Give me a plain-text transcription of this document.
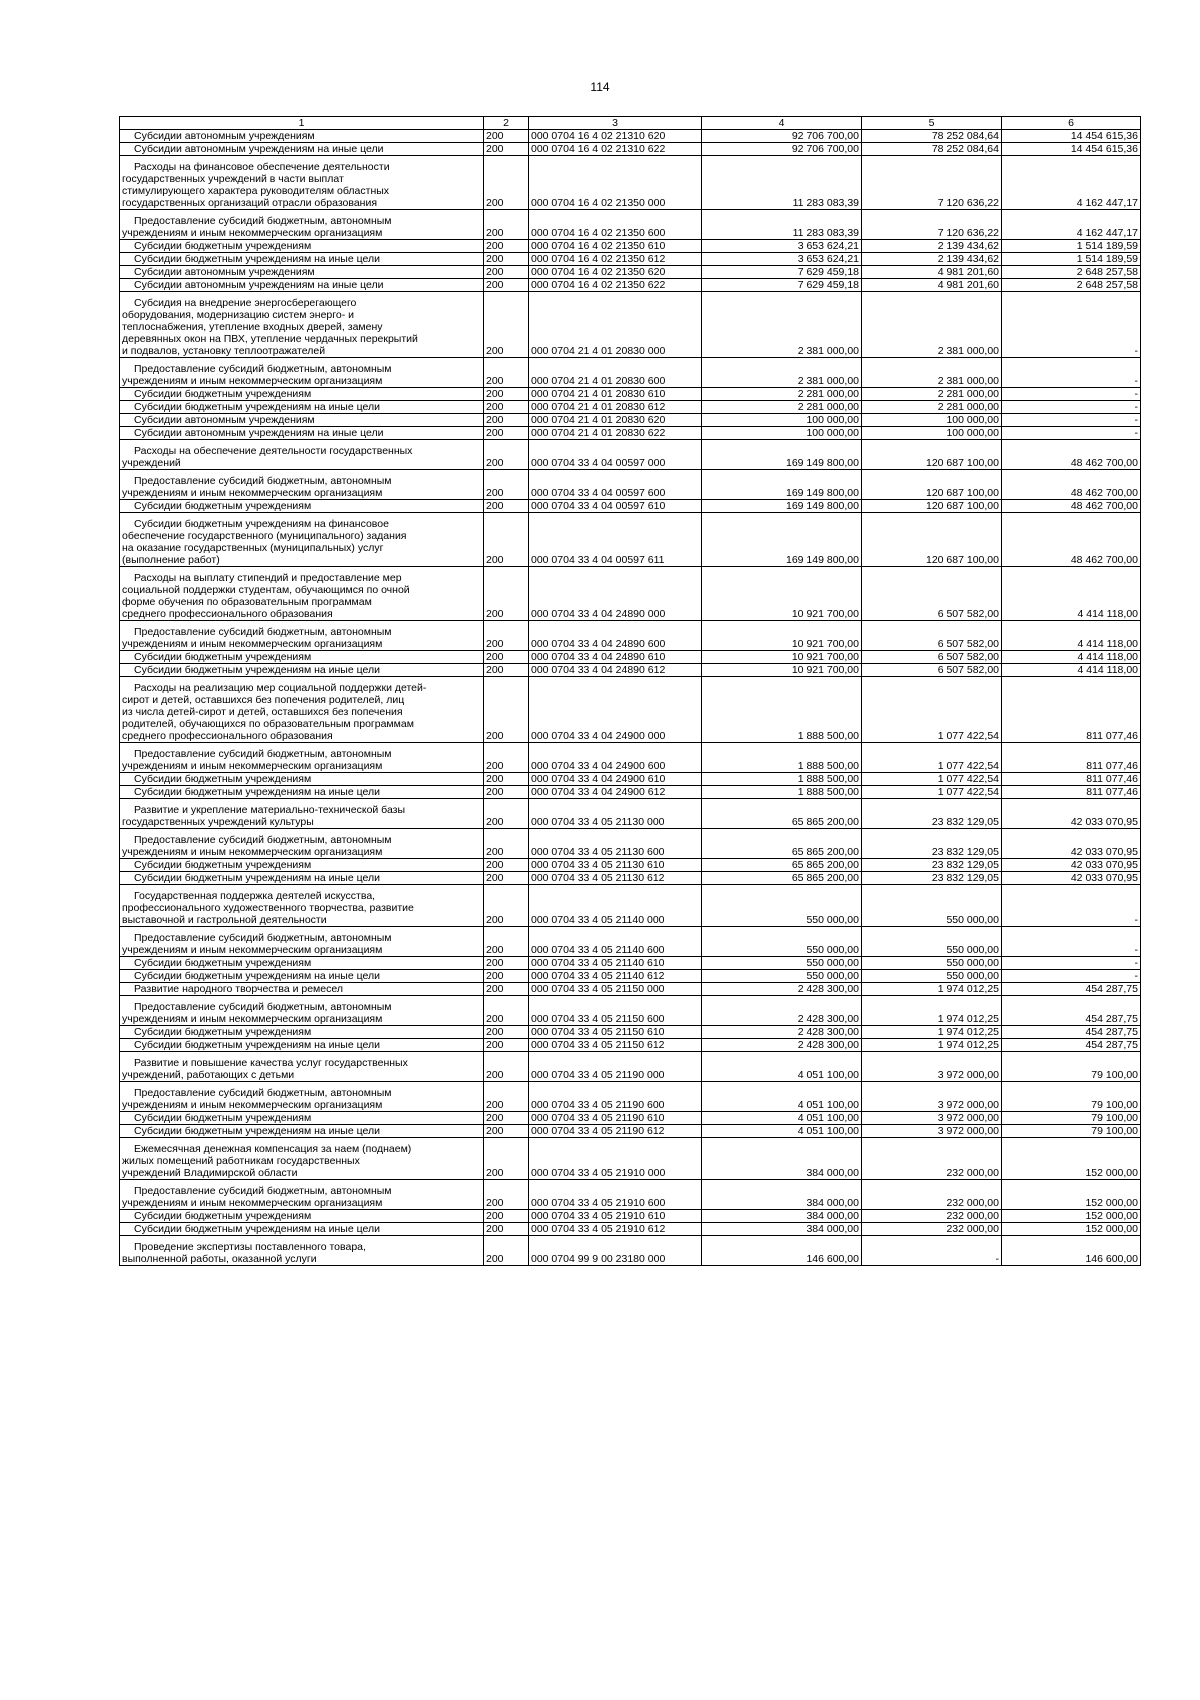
114
1	2	3	4	5	6

Субсидии автономным учреждениям	200	000 0704 16 4 02 21310 620	92 706 700,00	78 252 084,64	14 454 615,36

Субсидии автономным учреждениям на иные цели	200	000 0704 16 4 02 21310 622	92 706 700,00	78 252 084,64	14 454 615,36

Расходы на финансовое обеспечение деятельности
государственных учреждений в части выплат
стимулирующего характера руководителям областных
государственных организаций отрасли образования	200	000 0704 16 4 02 21350 000	11 283 083,39	7 120 636,22	4 162 447,17

Предоставление субсидий бюджетным, автономным
учреждениям и иным некоммерческим организациям	200	000 0704 16 4 02 21350 600	11 283 083,39	7 120 636,22	4 162 447,17

Субсидии бюджетным учреждениям	200	000 0704 16 4 02 21350 610	3 653 624,21	2 139 434,62	1 514 189,59

Субсидии бюджетным учреждениям на иные цели	200	000 0704 16 4 02 21350 612	3 653 624,21	2 139 434,62	1 514 189,59

Субсидии автономным учреждениям	200	000 0704 16 4 02 21350 620	7 629 459,18	4 981 201,60	2 648 257,58

Субсидии автономным учреждениям на иные цели	200	000 0704 16 4 02 21350 622	7 629 459,18	4 981 201,60	2 648 257,58

Субсидия на внедрение энергосберегающего
оборудования, модернизацию систем энерго- и
теплоснабжения, утепление входных дверей, замену
деревянных окон на ПВХ, утепление чердачных перекрытий
и подвалов, установку теплоотражателей	200	000 0704 21 4 01 20830 000	2 381 000,00	2 381 000,00	-

Предоставление субсидий бюджетным, автономным
учреждениям и иным некоммерческим организациям	200	000 0704 21 4 01 20830 600	2 381 000,00	2 381 000,00	-

Субсидии бюджетным учреждениям	200	000 0704 21 4 01 20830 610	2 281 000,00	2 281 000,00	-

Субсидии бюджетным учреждениям на иные цели	200	000 0704 21 4 01 20830 612	2 281 000,00	2 281 000,00	-

Субсидии автономным учреждениям	200	000 0704 21 4 01 20830 620	100 000,00	100 000,00	-

Субсидии автономным учреждениям на иные цели	200	000 0704 21 4 01 20830 622	100 000,00	100 000,00	-

Расходы на обеспечение деятельности государственных
учреждений	200	000 0704 33 4 04 00597 000	169 149 800,00	120 687 100,00	48 462 700,00

Предоставление субсидий бюджетным, автономным
учреждениям и иным некоммерческим организациям	200	000 0704 33 4 04 00597 600	169 149 800,00	120 687 100,00	48 462 700,00

Субсидии бюджетным учреждениям	200	000 0704 33 4 04 00597 610	169 149 800,00	120 687 100,00	48 462 700,00

Субсидии бюджетным учреждениям на финансовое
обеспечение государственного (муниципального) задания
на оказание государственных (муниципальных) услуг
(выполнение работ)	200	000 0704 33 4 04 00597 611	169 149 800,00	120 687 100,00	48 462 700,00

Расходы на выплату стипендий и предоставление мер
социальной поддержки студентам, обучающимся по очной
форме обучения по образовательным программам
среднего профессионального образования	200	000 0704 33 4 04 24890 000	10 921 700,00	6 507 582,00	4 414 118,00

Предоставление субсидий бюджетным, автономным
учреждениям и иным некоммерческим организациям	200	000 0704 33 4 04 24890 600	10 921 700,00	6 507 582,00	4 414 118,00

Субсидии бюджетным учреждениям	200	000 0704 33 4 04 24890 610	10 921 700,00	6 507 582,00	4 414 118,00

Субсидии бюджетным учреждениям на иные цели	200	000 0704 33 4 04 24890 612	10 921 700,00	6 507 582,00	4 414 118,00

Расходы на реализацию мер социальной поддержки детей-
сирот и детей, оставшихся без попечения родителей, лиц
из числа детей-сирот и детей, оставшихся без попечения
родителей, обучающихся по образовательным программам
среднего профессионального образования	200	000 0704 33 4 04 24900 000	1 888 500,00	1 077 422,54	811 077,46

Предоставление субсидий бюджетным, автономным
учреждениям и иным некоммерческим организациям	200	000 0704 33 4 04 24900 600	1 888 500,00	1 077 422,54	811 077,46

Субсидии бюджетным учреждениям	200	000 0704 33 4 04 24900 610	1 888 500,00	1 077 422,54	811 077,46

Субсидии бюджетным учреждениям на иные цели	200	000 0704 33 4 04 24900 612	1 888 500,00	1 077 422,54	811 077,46

Развитие и укрепление материально-технической базы
государственных учреждений культуры	200	000 0704 33 4 05 21130 000	65 865 200,00	23 832 129,05	42 033 070,95

Предоставление субсидий бюджетным, автономным
учреждениям и иным некоммерческим организациям	200	000 0704 33 4 05 21130 600	65 865 200,00	23 832 129,05	42 033 070,95

Субсидии бюджетным учреждениям	200	000 0704 33 4 05 21130 610	65 865 200,00	23 832 129,05	42 033 070,95

Субсидии бюджетным учреждениям на иные цели	200	000 0704 33 4 05 21130 612	65 865 200,00	23 832 129,05	42 033 070,95

Государственная поддержка деятелей искусства,
профессионального художественного творчества, развитие
выставочной и гастрольной деятельности	200	000 0704 33 4 05 21140 000	550 000,00	550 000,00	-

Предоставление субсидий бюджетным, автономным
учреждениям и иным некоммерческим организациям	200	000 0704 33 4 05 21140 600	550 000,00	550 000,00	-

Субсидии бюджетным учреждениям	200	000 0704 33 4 05 21140 610	550 000,00	550 000,00	-

Субсидии бюджетным учреждениям на иные цели	200	000 0704 33 4 05 21140 612	550 000,00	550 000,00	-

Развитие народного творчества и ремесел	200	000 0704 33 4 05 21150 000	2 428 300,00	1 974 012,25	454 287,75

Предоставление субсидий бюджетным, автономным
учреждениям и иным некоммерческим организациям	200	000 0704 33 4 05 21150 600	2 428 300,00	1 974 012,25	454 287,75

Субсидии бюджетным учреждениям	200	000 0704 33 4 05 21150 610	2 428 300,00	1 974 012,25	454 287,75

Субсидии бюджетным учреждениям на иные цели	200	000 0704 33 4 05 21150 612	2 428 300,00	1 974 012,25	454 287,75

Развитие и повышение качества услуг государственных
учреждений, работающих с детьми	200	000 0704 33 4 05 21190 000	4 051 100,00	3 972 000,00	79 100,00

Предоставление субсидий бюджетным, автономным
учреждениям и иным некоммерческим организациям	200	000 0704 33 4 05 21190 600	4 051 100,00	3 972 000,00	79 100,00

Субсидии бюджетным учреждениям	200	000 0704 33 4 05 21190 610	4 051 100,00	3 972 000,00	79 100,00

Субсидии бюджетным учреждениям на иные цели	200	000 0704 33 4 05 21190 612	4 051 100,00	3 972 000,00	79 100,00

Ежемесячная денежная компенсация за наем (поднаем)
жилых помещений работникам государственных
учреждений Владимирской области	200	000 0704 33 4 05 21910 000	384 000,00	232 000,00	152 000,00

Предоставление субсидий бюджетным, автономным
учреждениям и иным некоммерческим организациям	200	000 0704 33 4 05 21910 600	384 000,00	232 000,00	152 000,00

Субсидии бюджетным учреждениям	200	000 0704 33 4 05 21910 610	384 000,00	232 000,00	152 000,00

Субсидии бюджетным учреждениям на иные цели	200	000 0704 33 4 05 21910 612	384 000,00	232 000,00	152 000,00

Проведение экспертизы поставленного товара,
выполненной работы, оказанной услуги	200	000 0704 99 9 00 23180 000	146 600,00	-	146 600,00
